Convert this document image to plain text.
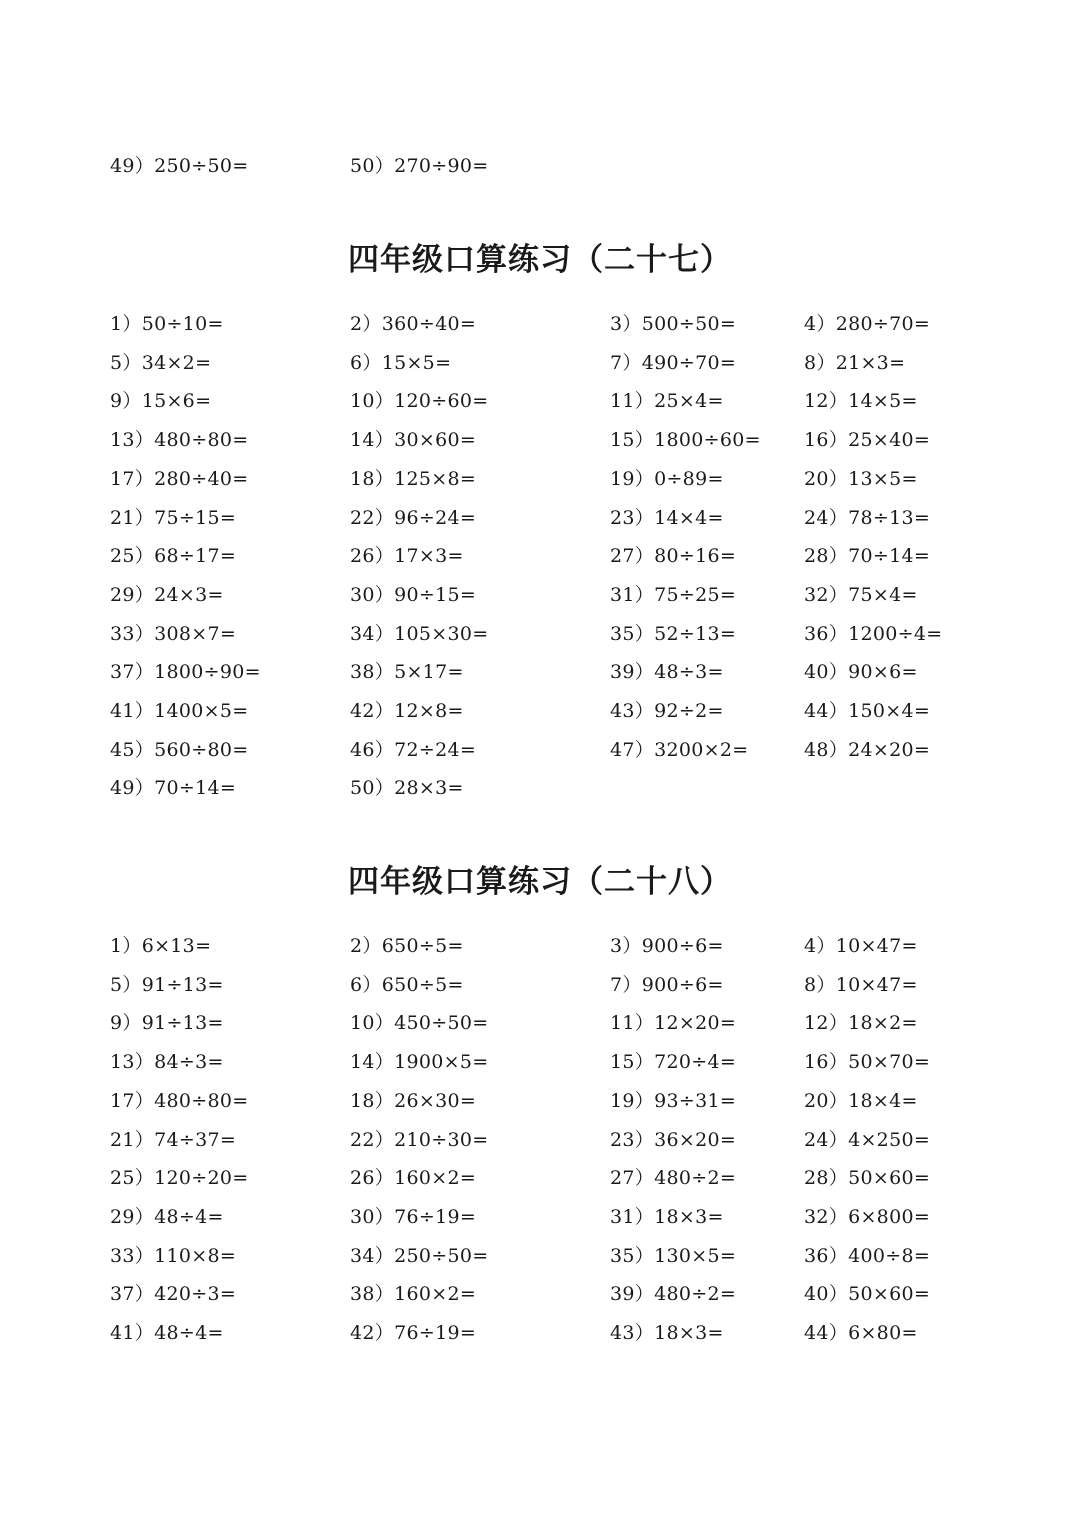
49）250÷50=	50）270÷90=
四年级口算练习（二十七）
1）50÷10=	2）360÷40=	3）500÷50=	4）280÷70=
5）34×2=	6）15×5=	7）490÷70=	8）21×3=
9）15×6=	10）120÷60=	11）25×4=	12）14×5=
13）480÷80=	14）30×60=	15）1800÷60= 16）25×40=
17）280÷40=	18）125×8=	19）0÷89=	20）13×5=
21）75÷15=	22）96÷24=	23）14×4=	24）78÷13=
25）68÷17=	26）17×3=	27）80÷16=	28）70÷14=
29）24×3=	30）90÷15=	31）75÷25=	32）75×4=
33）308×7=	34）105×30=	35）52÷13=	36）1200÷4=
37）1800÷90=	38）5×17=	39）48÷3=	40）90×6=
41）1400×5=	42）12×8=	43）92÷2=	44）150×4=
45）560÷80=	46）72÷24=	47）3200×2=	48）24×20=
49）70÷14=	50）28×3=
四年级口算练习（二十八）
1）6×13=	2）650÷5=	3）900÷6=	4）10×47=
5）91÷13=	6）650÷5=	7）900÷6=	8）10×47=
9）91÷13=	10）450÷50=	11）12×20=	12）18×2=
13）84÷3=	14）1900×5=	15）720÷4=	16）50×70=
17）480÷80=	18）26×30=	19）93÷31=	20）18×4=
21）74÷37=	22）210÷30=	23）36×20=	24）4×250=
25）120÷20=	26）160×2=	27）480÷2=	28）50×60=
29）48÷4=	30）76÷19=	31）18×3=	32）6×800=
33）110×8=	34）250÷50=	35）130×5=	36）400÷8=
37）420÷3=	38）160×2=	39）480÷2=	40）50×60=
41）48÷4=	42）76÷19=	43）18×3=	44）6×80=
